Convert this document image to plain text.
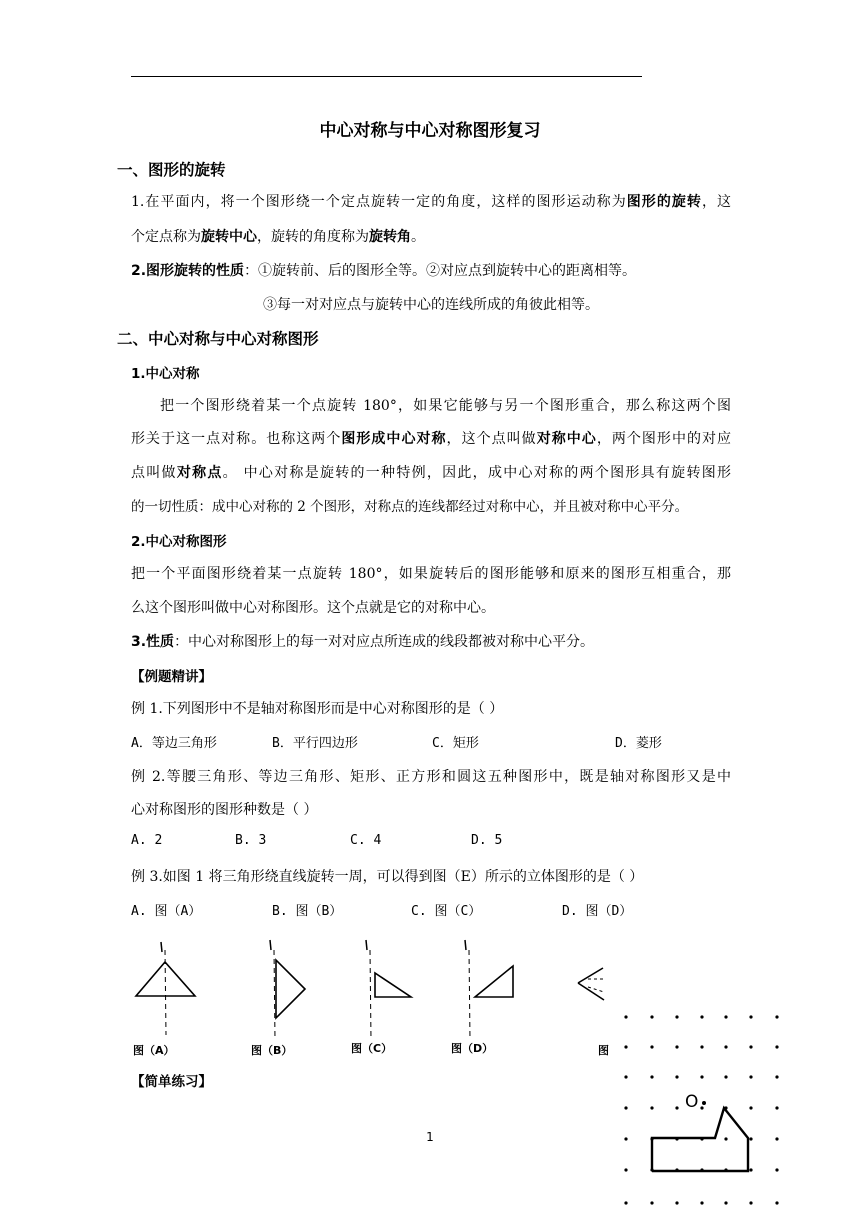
中心对称与中心对称图形复习
一、图形的旋转
1.在平面内，将一个图形绕一个定点旋转一定的角度，这样的图形运动称为图形的旋转，这
个定点称为旋转中心，旋转的角度称为旋转角。
2.图形旋转的性质：①旋转前、后的图形全等。②对应点到旋转中心的距离相等。
③每一对对应点与旋转中心的连线所成的角彼此相等。
二、中心对称与中心对称图形
1.中心对称
把一个图形绕着某一个点旋转 180°，如果它能够与另一个图形重合，那么称这两个图
形关于这一点对称。也称这两个图形成中心对称，这个点叫做对称中心，两个图形中的对应
点叫做对称点。 中心对称是旋转的一种特例，因此，成中心对称的两个图形具有旋转图形
的一切性质：成中心对称的 2 个图形，对称点的连线都经过对称中心，并且被对称中心平分。
2.中心对称图形
把一个平面图形绕着某一点旋转 180°，如果旋转后的图形能够和原来的图形互相重合，那
么这个图形叫做中心对称图形。这个点就是它的对称中心。
3.性质：中心对称图形上的每一对对应点所连成的线段都被对称中心平分。
【例题精讲】
例 1.下列图形中不是轴对称图形而是中心对称图形的是（ ）
A．等边三角形	B．平行四边形	C．矩形	D．菱形
例 2.等腰三角形、等边三角形、矩形、正方形和圆这五种图形中，既是轴对称图形又是中
心对称图形的图形种数是（ ）
A. 2	B. 3	C. 4	D. 5
例 3.如图 1 将三角形绕直线旋转一周，可以得到图（E）所示的立体图形的是（ ）
A. 图（A）	B. 图（B）	C. 图（C）	D. 图（D）
图（A）	图（B）	图（C）	图（D）	图
【简单练习】
1
O
